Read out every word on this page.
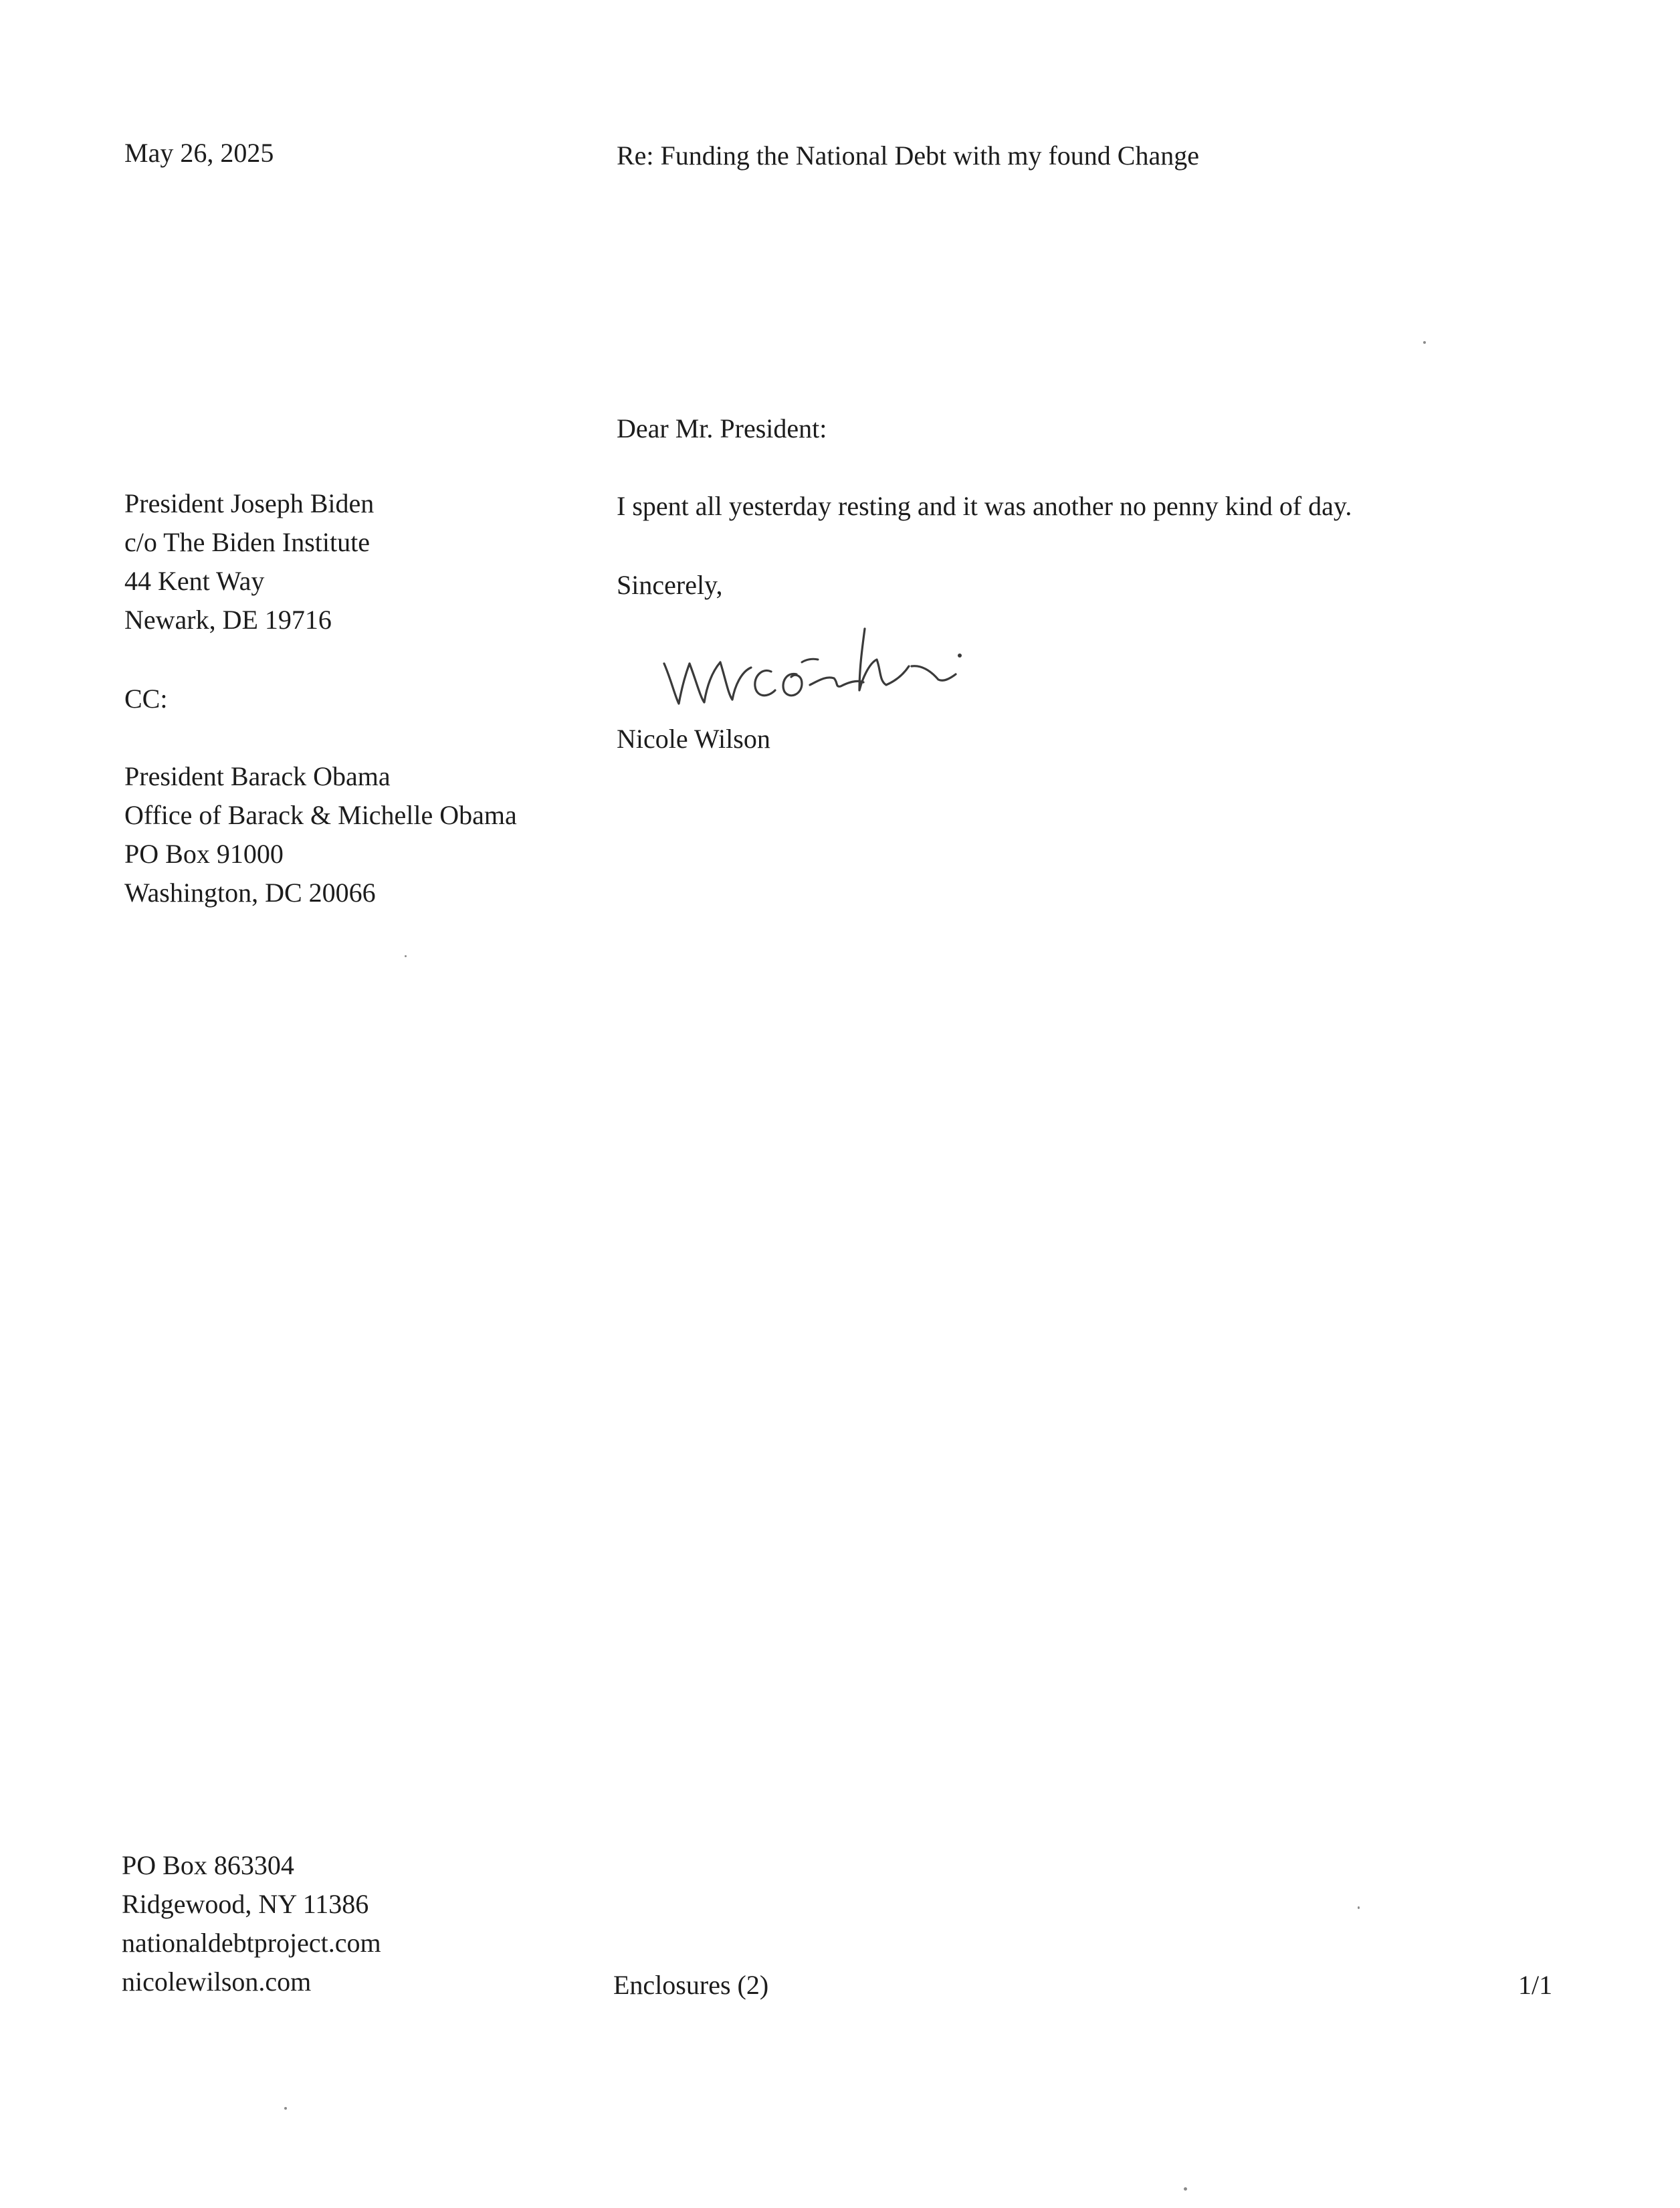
May 26, 2025	Re: Funding the National Debt with my found Change

Dear Mr. President:

President Joseph Biden
c/o The Biden Institute
44 Kent Way
Newark, DE 19716

I spent all yesterday resting and it was another no penny kind of day.

Sincerely,

Nicole Wilson

CC:

President Barack Obama
Office of Barack & Michelle Obama
PO Box 91000
Washington, DC 20066
PO Box 863304
Ridgewood, NY 11386
nationaldebtproject.com
nicolewilson.com	Enclosures (2)	1/1
